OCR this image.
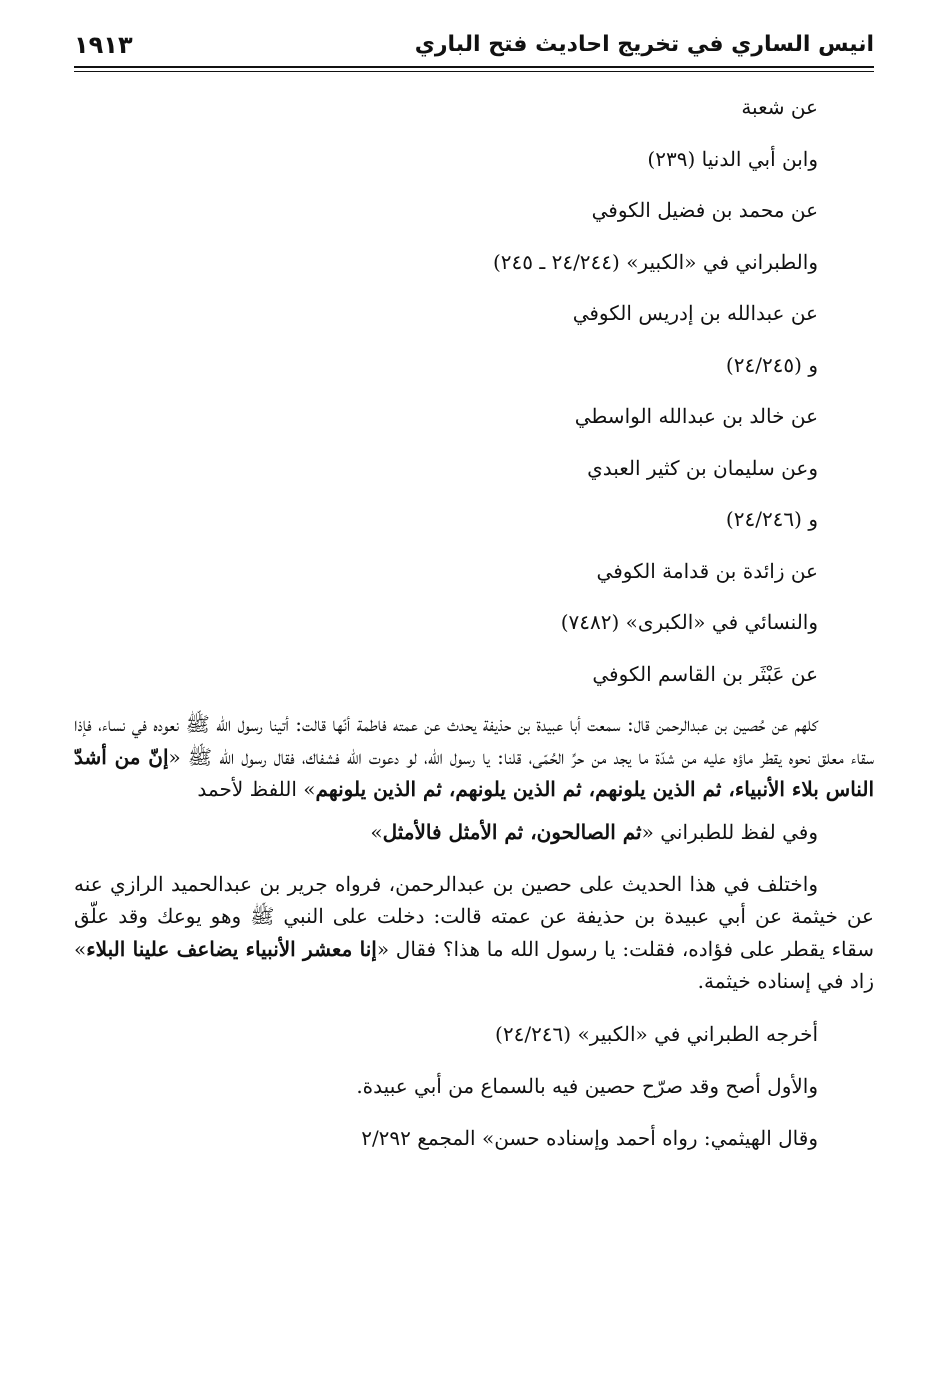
انيس الساري في تخريج احاديث فتح الباري
١٩١٣
عن شعبة
وابن أبي الدنيا (٢٣٩)
عن محمد بن فضيل الكوفي
والطبراني في «الكبير» (٢٤/٢٤٤ ـ ٢٤٥)
عن عبدالله بن إدريس الكوفي
و (٢٤/٢٤٥)
عن خالد بن عبدالله الواسطي
وعن سليمان بن كثير العبدي
و (٢٤/٢٤٦)
عن زائدة بن قدامة الكوفي
والنسائي في «الكبرى» (٧٤٨٢)
عن عَبْثَر بن القاسم الكوفي

كلهم عن حُصين بن عبدالرحمن قال: سمعت أبا عبيدة بن حذيفة يحدث عن عمته فاطمة أنّها قالت: أتينا رسول الله ﷺ نعوده في نساء، فإذا سقاء معلق نحوه يقطر ماؤه عليه من شدّة ما يجد من حرِّ الحُمّى، قلنا: يا رسول الله، لو دعوت الله فشفاك، فقال رسول الله ﷺ «إنّ من أشدّ الناس بلاء الأنبياء، ثم الذين يلونهم، ثم الذين يلونهم، ثم الذين يلونهم» اللفظ لأحمد

وفي لفظ للطبراني «ثم الصالحون، ثم الأمثل فالأمثل»

واختلف في هذا الحديث على حصين بن عبدالرحمن، فرواه جرير بن عبدالحميد الرازي عنه عن خيثمة عن أبي عبيدة بن حذيفة عن عمته قالت: دخلت على النبي ﷺ وهو يوعك وقد علّق سقاء يقطر على فؤاده، فقلت: يا رسول الله ما هذا؟ فقال «إنا معشر الأنبياء يضاعف علينا البلاء» زاد في إسناده خيثمة.

أخرجه الطبراني في «الكبير» (٢٤/٢٤٦)
والأول أصح وقد صرّح حصين فيه بالسماع من أبي عبيدة.
وقال الهيثمي: رواه أحمد وإسناده حسن» المجمع ٢/٢٩٢
